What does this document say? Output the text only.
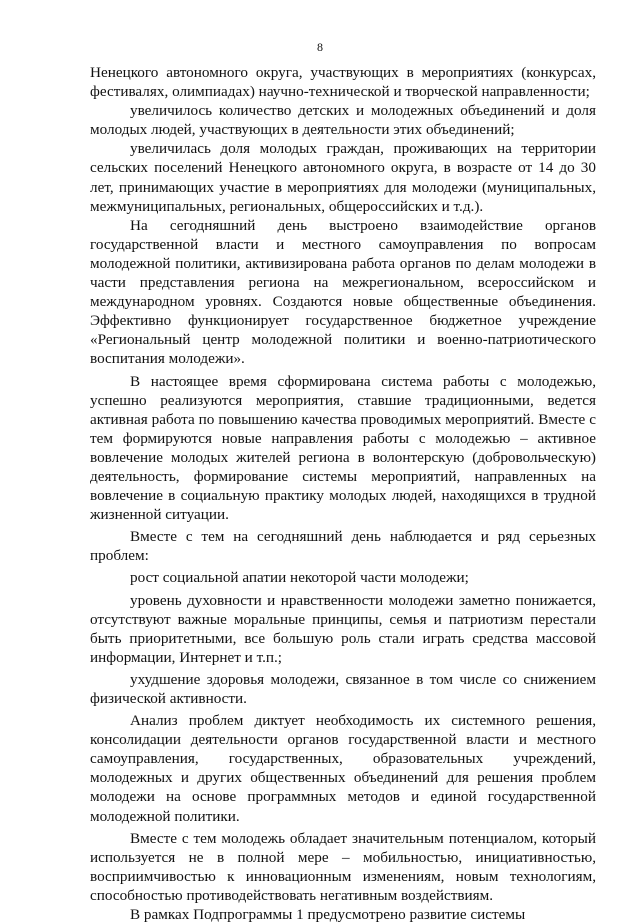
8

Ненецкого автономного округа, участвующих в мероприятиях (конкурсах, фестивалях, олимпиадах) научно-технической и творческой направленности;

увеличилось количество детских и молодежных объединений и доля молодых людей, участвующих в деятельности этих объединений;

увеличилась доля молодых граждан, проживающих на территории сельских поселений Ненецкого автономного округа, в возрасте от 14 до 30 лет, принимающих участие в мероприятиях для молодежи (муниципальных, межмуниципальных, региональных, общероссийских и т.д.).

На сегодняшний день выстроено взаимодействие органов государственной власти и местного самоуправления по вопросам молодежной политики, активизирована работа органов по делам молодежи в части представления региона на межрегиональном, всероссийском и международном уровнях. Создаются новые общественные объединения. Эффективно функционирует государственное бюджетное учреждение «Региональный центр молодежной политики и военно-патриотического воспитания молодежи».

В настоящее время сформирована система работы с молодежью, успешно реализуются мероприятия, ставшие традиционными, ведется активная работа по повышению качества проводимых мероприятий. Вместе с тем формируются новые направления работы с молодежью – активное вовлечение молодых жителей региона в волонтерскую (добровольческую) деятельность, формирование системы мероприятий, направленных на вовлечение в социальную практику молодых людей, находящихся в трудной жизненной ситуации.

Вместе с тем на сегодняшний день наблюдается и ряд серьезных проблем:

рост социальной апатии некоторой части молодежи;

уровень духовности и нравственности молодежи заметно понижается, отсутствуют важные моральные принципы, семья и патриотизм перестали быть приоритетными, все большую роль стали играть средства массовой информации, Интернет и т.п.;

ухудшение здоровья молодежи, связанное в том числе со снижением физической активности.

Анализ проблем диктует необходимость их системного решения, консолидации деятельности органов государственной власти и местного самоуправления, государственных, образовательных учреждений, молодежных и других общественных объединений для решения проблем молодежи на основе программных методов и единой государственной молодежной политики.

Вместе с тем молодежь обладает значительным потенциалом, который используется не в полной мере – мобильностью, инициативностью, восприимчивостью к инновационным изменениям, новым технологиям, способностью противодействовать негативным воздействиям.

В рамках Подпрограммы 1 предусмотрено развитие системы
